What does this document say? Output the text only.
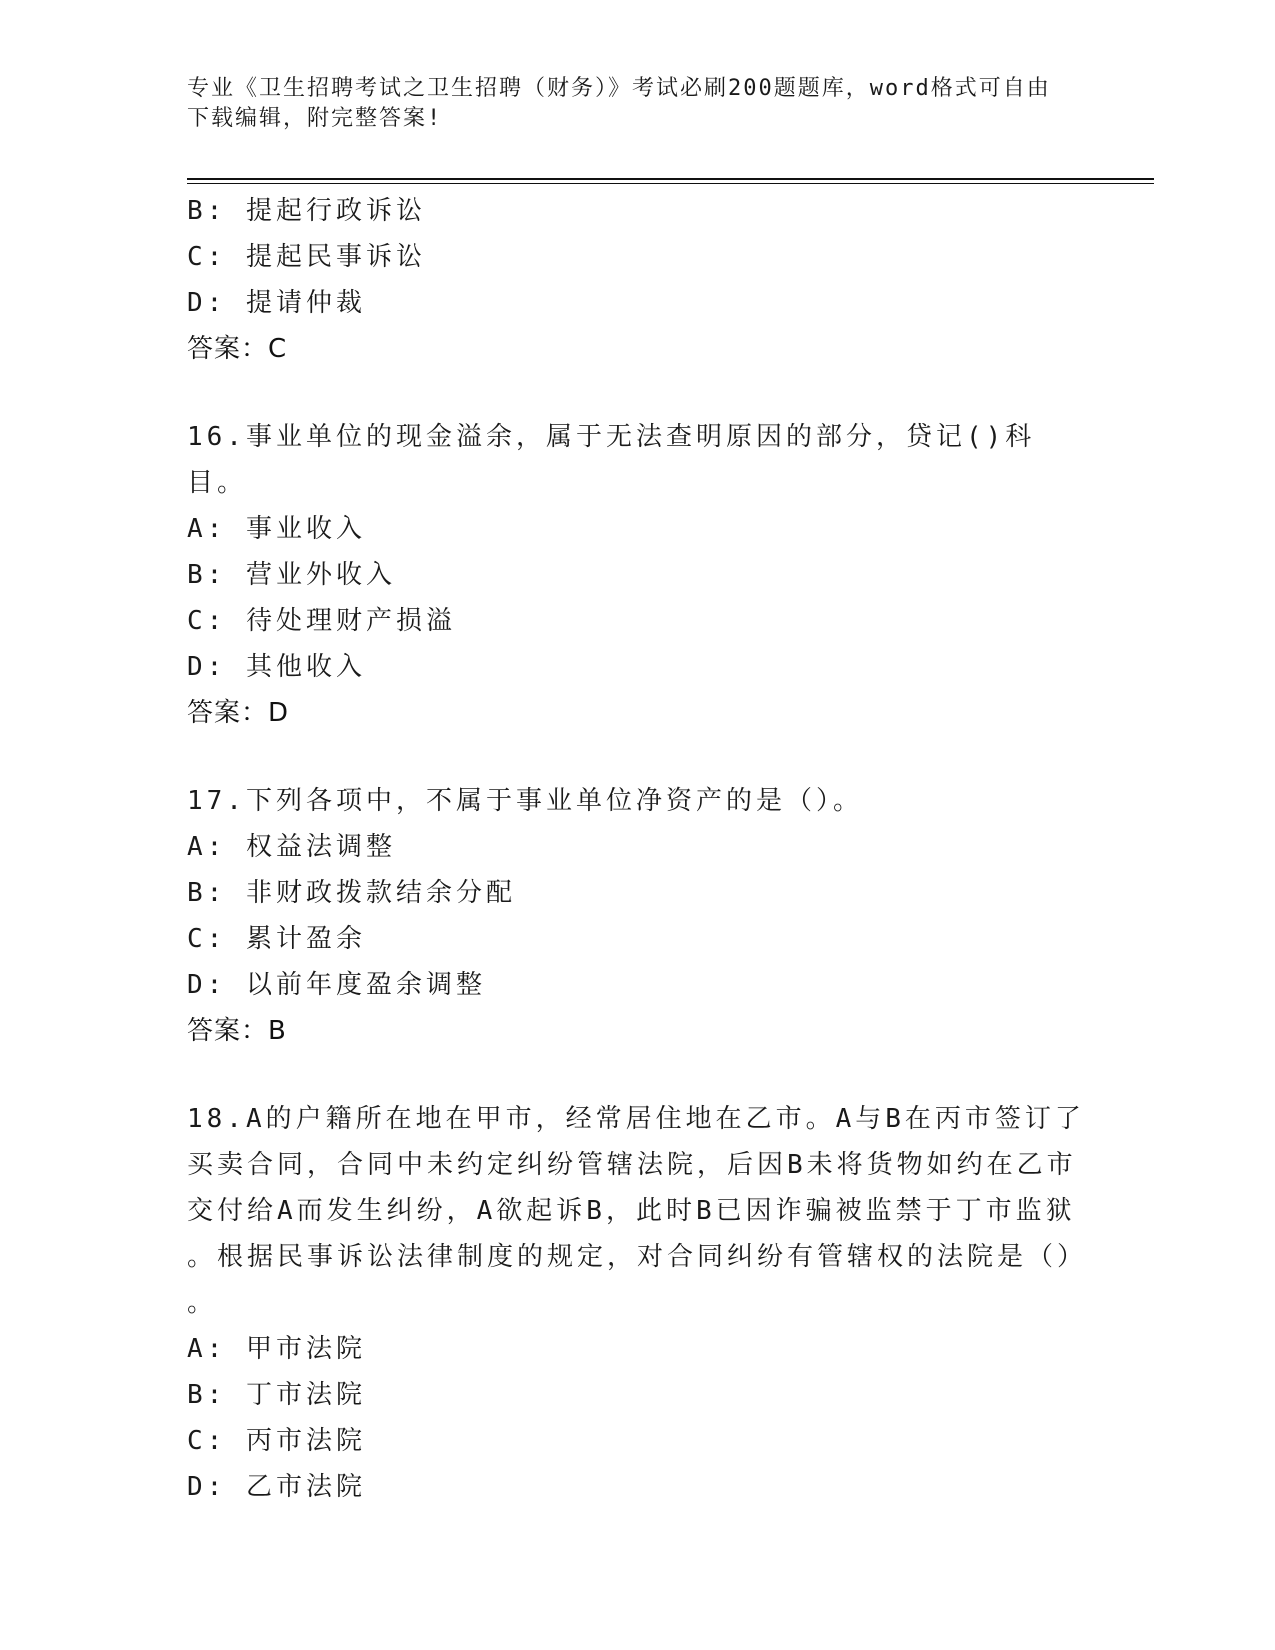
专业《卫生招聘考试之卫生招聘（财务）》考试必刷200题题库，word格式可自由下载编辑，附完整答案!
B: 提起行政诉讼
C: 提起民事诉讼
D: 提请仲裁
答案：C
16.事业单位的现金溢余，属于无法查明原因的部分，贷记()科目。
A: 事业收入
B: 营业外收入
C: 待处理财产损溢
D: 其他收入
答案：D
17.下列各项中，不属于事业单位净资产的是（）。
A: 权益法调整
B: 非财政拨款结余分配
C: 累计盈余
D: 以前年度盈余调整
答案：B
18.A的户籍所在地在甲市，经常居住地在乙市。A与B在丙市签订了
买卖合同，合同中未约定纠纷管辖法院，后因B未将货物如约在乙市
交付给A而发生纠纷，A欲起诉B，此时B已因诈骗被监禁于丁市监狱
。根据民事诉讼法律制度的规定，对合同纠纷有管辖权的法院是（）
。
A: 甲市法院
B: 丁市法院
C: 丙市法院
D: 乙市法院
